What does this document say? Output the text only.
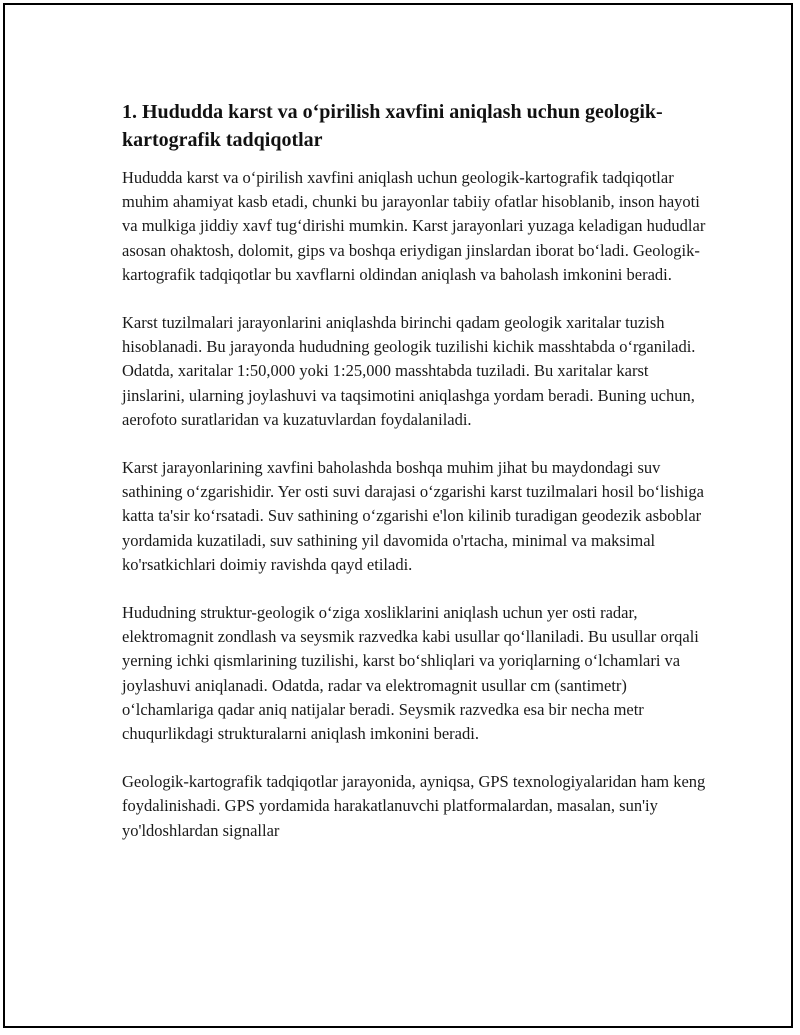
1. Hududda karst va o‘pirilish xavfini aniqlash uchun geologik-kartografik tadqiqotlar

Hududda karst va o‘pirilish xavfini aniqlash uchun geologik-kartografik tadqiqotlar muhim ahamiyat kasb etadi, chunki bu jarayonlar tabiiy ofatlar hisoblanib, inson hayoti va mulkiga jiddiy xavf tug‘dirishi mumkin. Karst jarayonlari yuzaga keladigan hududlar asosan ohaktosh, dolomit, gips va boshqa eriydigan jinslardan iborat bo‘ladi. Geologik-kartografik tadqiqotlar bu xavflarni oldindan aniqlash va baholash imkonini beradi.

Karst tuzilmalari jarayonlarini aniqlashda birinchi qadam geologik xaritalar tuzish hisoblanadi. Bu jarayonda hududning geologik tuzilishi kichik masshtabda o‘rganiladi. Odatda, xaritalar 1:50,000 yoki 1:25,000 masshtabda tuziladi. Bu xaritalar karst jinslarini, ularning joylashuvi va taqsimotini aniqlashga yordam beradi. Buning uchun, aerofoto suratlaridan va kuzatuvlardan foydalaniladi.

Karst jarayonlarining xavfini baholashda boshqa muhim jihat bu maydondagi suv sathining o‘zgarishidir. Yer osti suvi darajasi o‘zgarishi karst tuzilmalari hosil bo‘lishiga katta ta'sir ko‘rsatadi. Suv sathining o‘zgarishi e'lon kilinib turadigan geodezik asboblar yordamida kuzatiladi, suv sathining yil davomida o'rtacha, minimal va maksimal ko'rsatkichlari doimiy ravishda qayd etiladi.

Hududning struktur-geologik o‘ziga xosliklarini aniqlash uchun yer osti radar, elektromagnit zondlash va seysmik razvedka kabi usullar qo‘llaniladi. Bu usullar orqali yerning ichki qismlarining tuzilishi, karst bo‘shliqlari va yoriqlarning o‘lchamlari va joylashuvi aniqlanadi. Odatda, radar va elektromagnit usullar cm (santimetr) o‘lchamlariga qadar aniq natijalar beradi. Seysmik razvedka esa bir necha metr chuqurlikdagi strukturalarni aniqlash imkonini beradi.

Geologik-kartografik tadqiqotlar jarayonida, ayniqsa, GPS texnologiyalaridan ham keng foydalinishadi. GPS yordamida harakatlanuvchi platformalardan, masalan, sun'iy yo'ldoshlardan signallar
